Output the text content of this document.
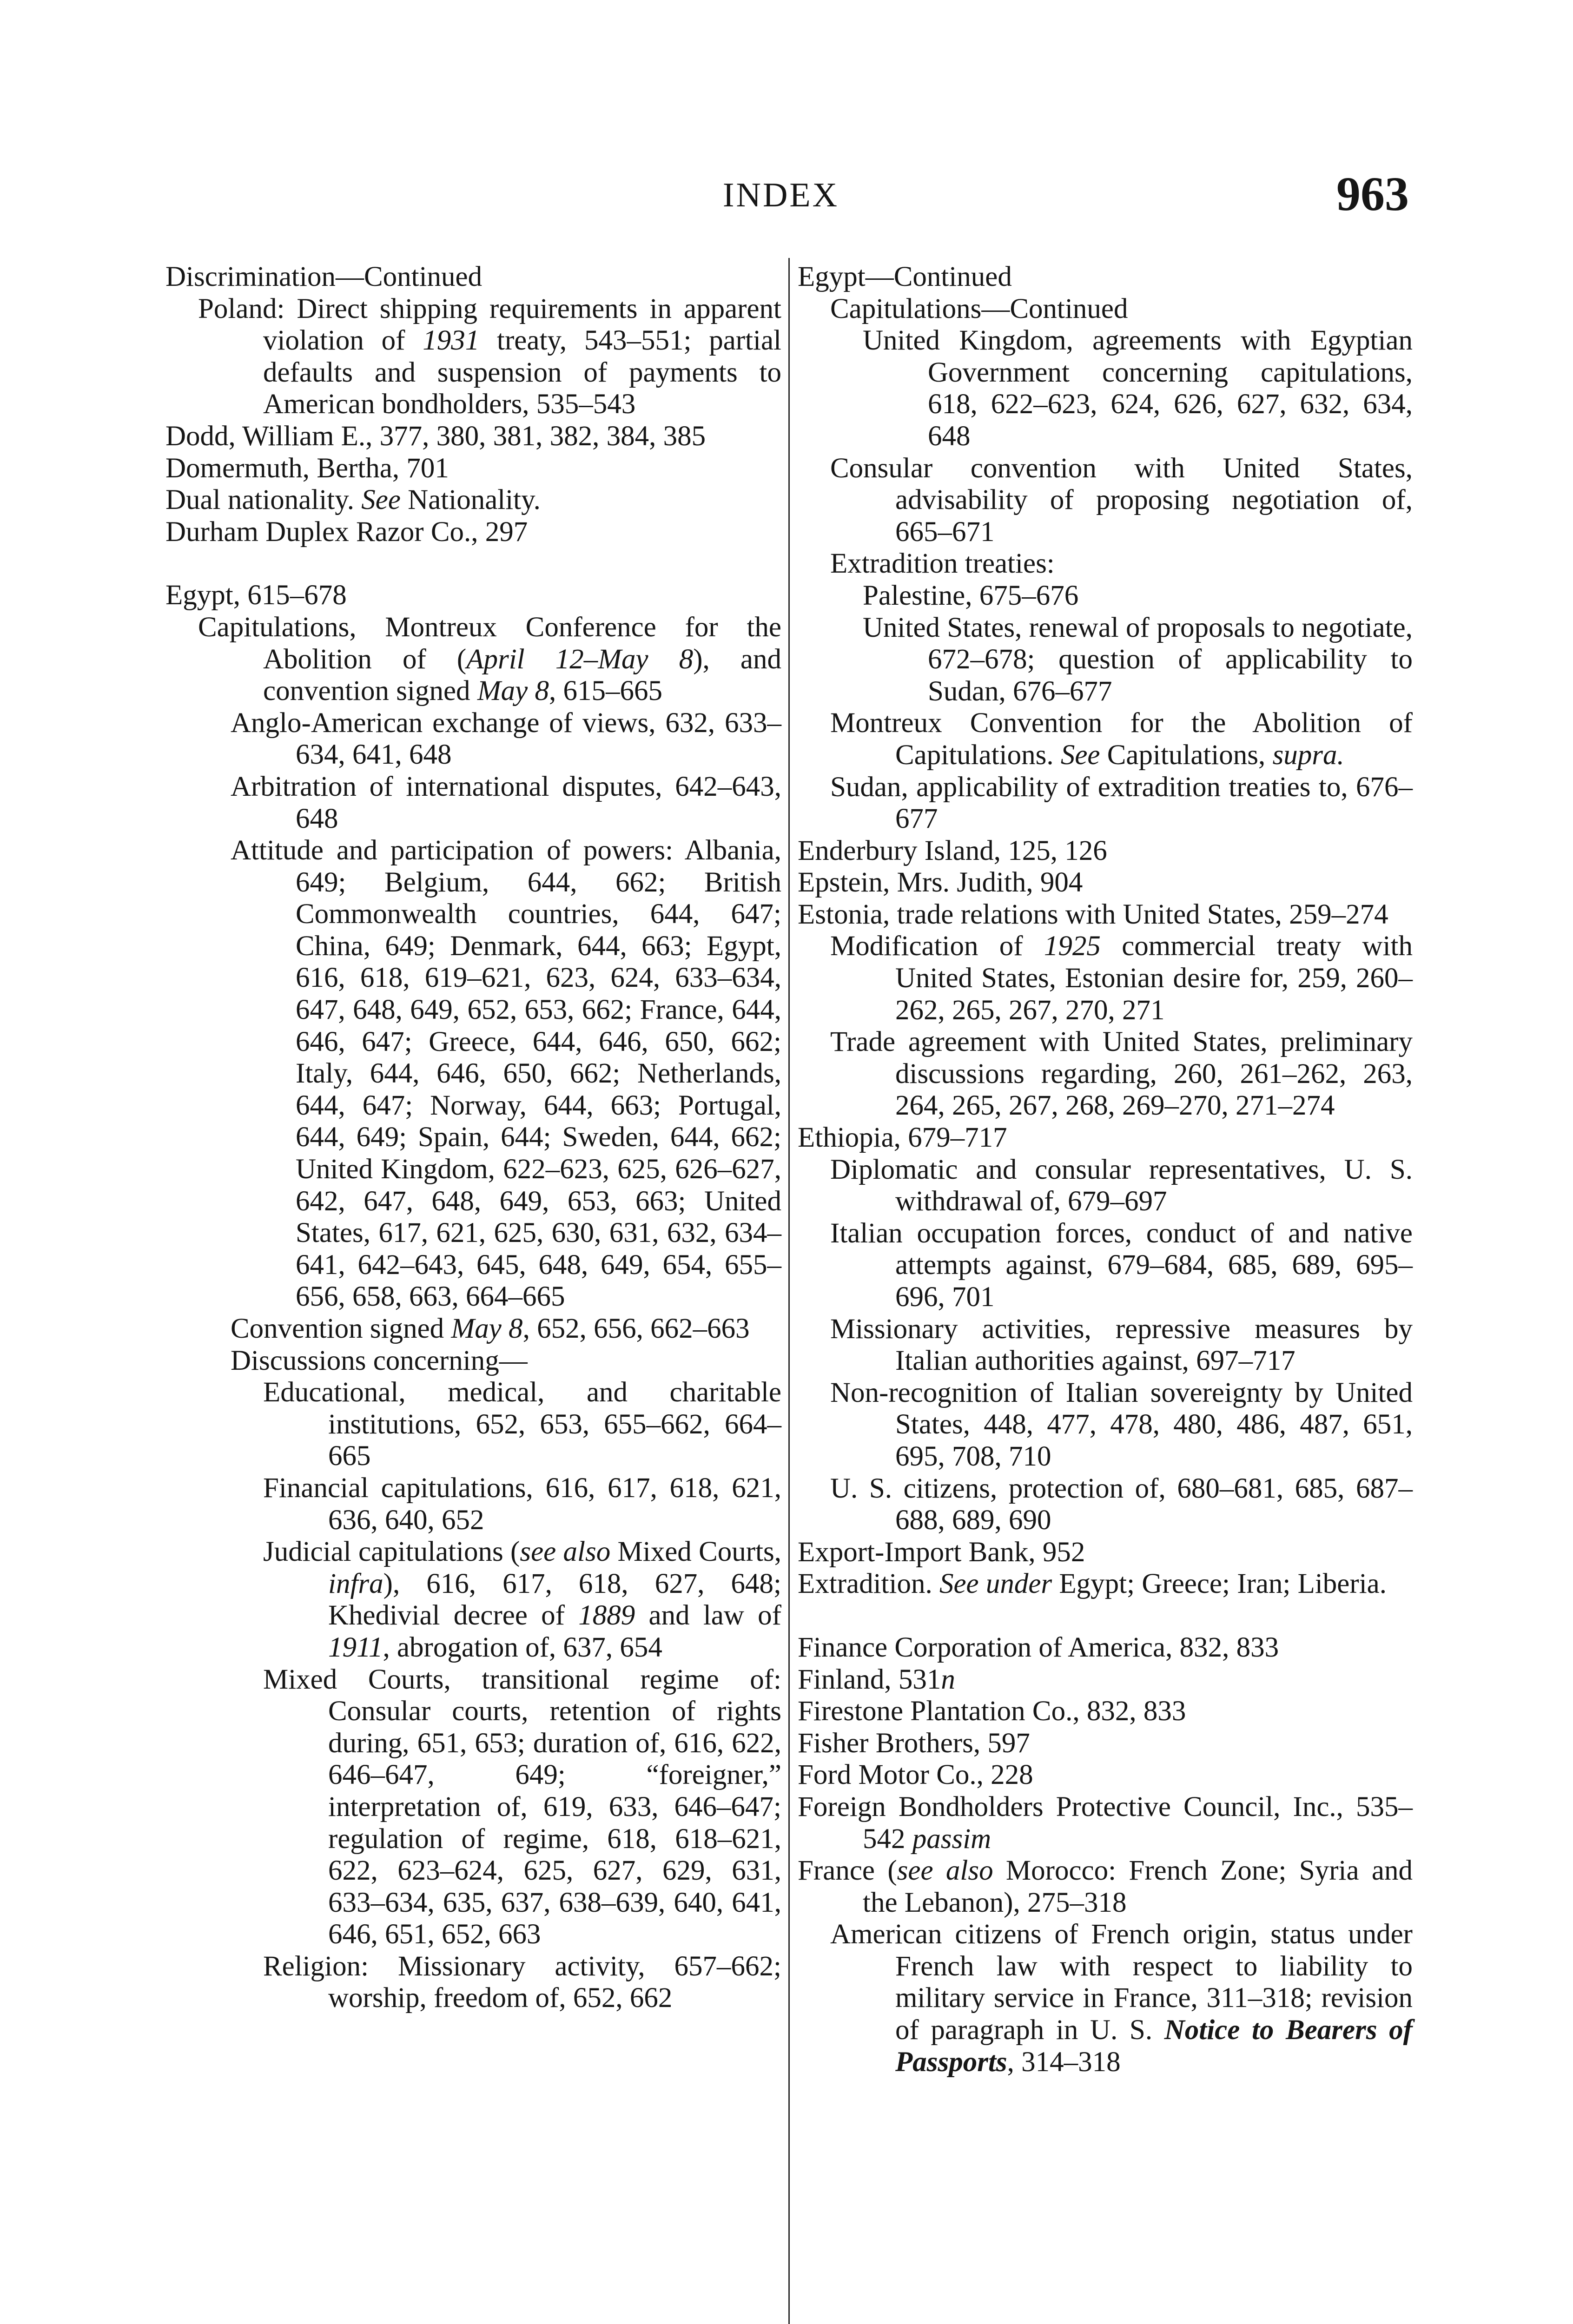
INDEX	963

Discrimination—Continued

Poland: Direct shipping requirements in apparent violation of 1931 treaty, 543–551; partial defaults and suspension of payments to American bondholders, 535–543

Dodd, William E., 377, 380, 381, 382, 384, 385

Domermuth, Bertha, 701

Dual nationality. See Nationality.

Durham Duplex Razor Co., 297

Egypt, 615–678

Capitulations, Montreux Conference for the Abolition of (April 12–May 8), and convention signed May 8, 615–665

Anglo-American exchange of views, 632, 633–634, 641, 648

Arbitration of international disputes, 642–643, 648

Attitude and participation of powers: Albania, 649; Belgium, 644, 662; British Commonwealth countries, 644, 647; China, 649; Denmark, 644, 663; Egypt, 616, 618, 619–621, 623, 624, 633–634, 647, 648, 649, 652, 653, 662; France, 644, 646, 647; Greece, 644, 646, 650, 662; Italy, 644, 646, 650, 662; Netherlands, 644, 647; Norway, 644, 663; Portugal, 644, 649; Spain, 644; Sweden, 644, 662; United Kingdom, 622–623, 625, 626–627, 642, 647, 648, 649, 653, 663; United States, 617, 621, 625, 630, 631, 632, 634–641, 642–643, 645, 648, 649, 654, 655–656, 658, 663, 664–665

Convention signed May 8, 652, 656, 662–663

Discussions concerning—

Educational, medical, and charitable institutions, 652, 653, 655–662, 664–665

Financial capitulations, 616, 617, 618, 621, 636, 640, 652

Judicial capitulations (see also Mixed Courts, infra), 616, 617, 618, 627, 648; Khedivial decree of 1889 and law of 1911, abrogation of, 637, 654

Mixed Courts, transitional regime of: Consular courts, retention of rights during, 651, 653; duration of, 616, 622, 646–647, 649; “foreigner,” interpretation of, 619, 633, 646–647; regulation of regime, 618, 618–621, 622, 623–624, 625, 627, 629, 631, 633–634, 635, 637, 638–639, 640, 641, 646, 651, 652, 663

Religion: Missionary activity, 657–662; worship, freedom of, 652, 662

Egypt—Continued

Capitulations—Continued

United Kingdom, agreements with Egyptian Government concerning capitulations, 618, 622–623, 624, 626, 627, 632, 634, 648

Consular convention with United States, advisability of proposing negotiation of, 665–671

Extradition treaties:

Palestine, 675–676

United States, renewal of proposals to negotiate, 672–678; question of applicability to Sudan, 676–677

Montreux Convention for the Abolition of Capitulations. See Capitulations, supra.

Sudan, applicability of extradition treaties to, 676–677

Enderbury Island, 125, 126

Epstein, Mrs. Judith, 904

Estonia, trade relations with United States, 259–274

Modification of 1925 commercial treaty with United States, Estonian desire for, 259, 260–262, 265, 267, 270, 271

Trade agreement with United States, preliminary discussions regarding, 260, 261–262, 263, 264, 265, 267, 268, 269–270, 271–274

Ethiopia, 679–717

Diplomatic and consular representatives, U. S. withdrawal of, 679–697

Italian occupation forces, conduct of and native attempts against, 679–684, 685, 689, 695–696, 701

Missionary activities, repressive measures by Italian authorities against, 697–717

Non-recognition of Italian sovereignty by United States, 448, 477, 478, 480, 486, 487, 651, 695, 708, 710

U. S. citizens, protection of, 680–681, 685, 687–688, 689, 690

Export-Import Bank, 952

Extradition. See under Egypt; Greece; Iran; Liberia.

Finance Corporation of America, 832, 833

Finland, 531n

Firestone Plantation Co., 832, 833

Fisher Brothers, 597

Ford Motor Co., 228

Foreign Bondholders Protective Council, Inc., 535–542 passim

France (see also Morocco: French Zone; Syria and the Lebanon), 275–318

American citizens of French origin, status under French law with respect to liability to military service in France, 311–318; revision of paragraph in U. S. Notice to Bearers of Passports, 314–318
